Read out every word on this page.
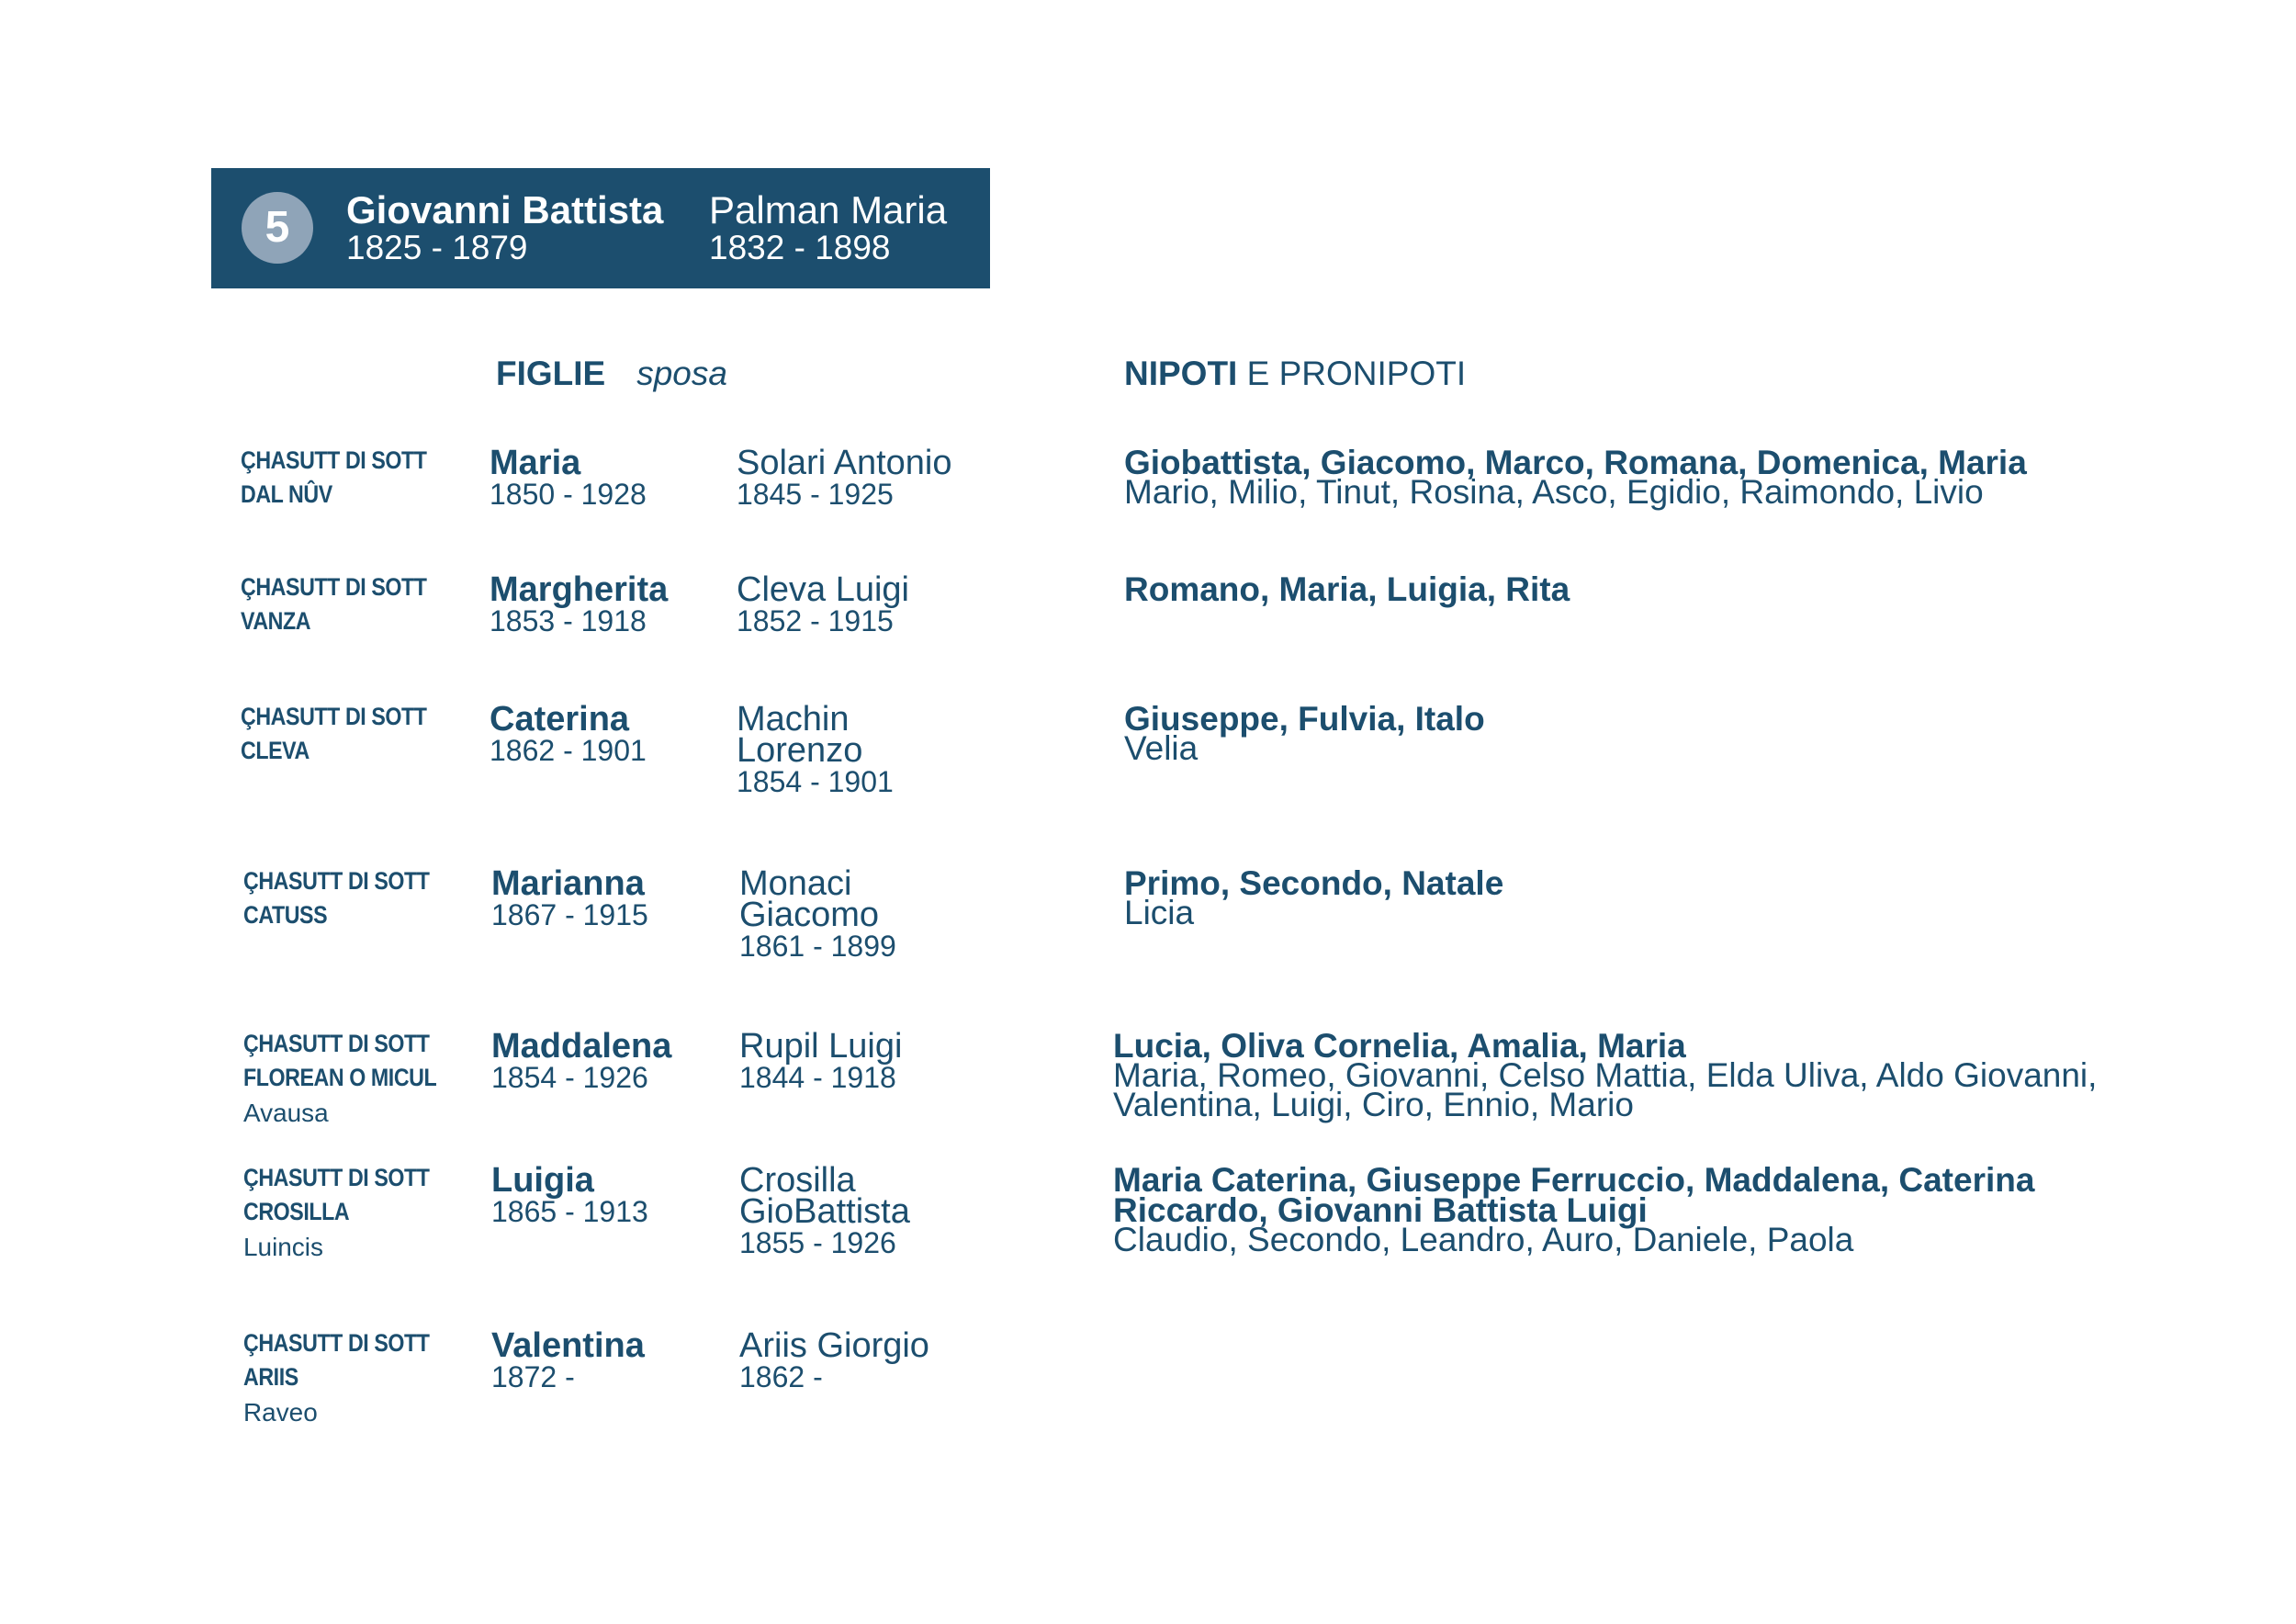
5	Giovanni Battista
1825 - 1879
Palman Maria
1832 - 1898
FIGLIE sposa	NIPOTI E PRONIPOTI
ÇHASUTT DI SOTT
DAL NÛV
Maria
1850 - 1928
Solari Antonio
1845 - 1925
Giobattista, Giacomo, Marco, Romana, Domenica, Maria
Mario, Milio, Tinut, Rosina, Asco, Egidio, Raimondo, Livio
ÇHASUTT DI SOTT
VANZA
Margherita
1853 - 1918
Cleva Luigi
1852 - 1915
Romano, Maria, Luigia, Rita
ÇHASUTT DI SOTT
CLEVA
Caterina
1862 - 1901
Machin
Lorenzo
1854 - 1901
Giuseppe, Fulvia, Italo
Velia
ÇHASUTT DI SOTT
CATUSS
Marianna
1867 - 1915
Monaci
Giacomo
1861 - 1899
Primo, Secondo, Natale
Licia
ÇHASUTT DI SOTT
FLOREAN O MICUL
Avausa
Maddalena
1854 - 1926
Rupil Luigi
1844 - 1918
Lucia, Oliva Cornelia, Amalia, Maria
Maria, Romeo, Giovanni, Celso Mattia, Elda Uliva, Aldo Giovanni,
Valentina, Luigi, Ciro, Ennio, Mario
ÇHASUTT DI SOTT
CROSILLA
Luincis
Luigia
1865 - 1913
Crosilla
GioBattista
1855 - 1926
Maria Caterina, Giuseppe Ferruccio, Maddalena, Caterina
Riccardo, Giovanni Battista Luigi
Claudio, Secondo, Leandro, Auro, Daniele, Paola
ÇHASUTT DI SOTT
ARIIS
Raveo
Valentina
1872 -
Ariis Giorgio
1862 -
